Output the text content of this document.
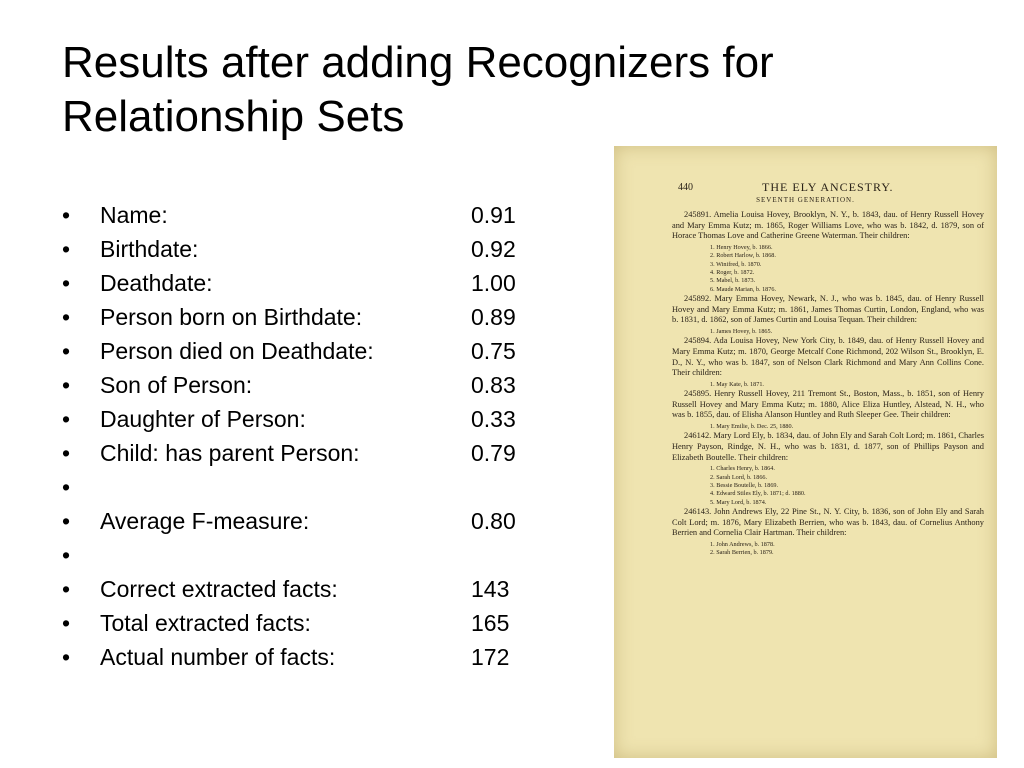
Results after adding Recognizers for Relationship Sets
•	Name:	0.91
•	Birthdate:	0.92
•	Deathdate:	1.00
•	Person born on Birthdate:	0.89
•	Person died on Deathdate:	0.75
•	Son of Person:	0.83
•	Daughter of Person:	0.33
•	Child: has parent Person:	0.79
•
•	Average F-measure:	0.80
•
•	Correct extracted facts:	143
•	Total extracted facts:	165
•	Actual number of facts:	172
440	THE ELY ANCESTRY.
SEVENTH GENERATION.
245891. Amelia Louisa Hovey, Brooklyn, N. Y., b. 1843, dau. of Henry Russell Hovey and Mary Emma Kutz; m. 1865, Roger Williams Love, who was b. 1842, d. 1879, son of Horace Thomas Love and Catherine Greene Waterman. Their children:
1. Henry Hovey, b. 1866.
2. Robert Harlow, b. 1868.
3. Winifred, b. 1870.
4. Roger, b. 1872.
5. Mabel, b. 1873.
6. Maude Marian, b. 1876.
245892. Mary Emma Hovey, Newark, N. J., who was b. 1845, dau. of Henry Russell Hovey and Mary Emma Kutz; m. 1861, James Thomas Curtin, London, England, who was b. 1831, d. 1862, son of James Curtin and Louisa Tequan. Their children:
1. James Hovey, b. 1865.
245894. Ada Louisa Hovey, New York City, b. 1849, dau. of Henry Russell Hovey and Mary Emma Kutz; m. 1870, George Metcalf Cone Richmond, 202 Wilson St., Brooklyn, E. D., N. Y., who was b. 1847, son of Nelson Clark Richmond and Mary Ann Collins Cone. Their children:
1. May Kate, b. 1871.
245895. Henry Russell Hovey, 211 Tremont St., Boston, Mass., b. 1851, son of Henry Russell Hovey and Mary Emma Kutz; m. 1880, Alice Eliza Huntley, Alstead, N. H., who was b. 1855, dau. of Elisha Alanson Huntley and Ruth Sleeper Gee. Their children:
1. Mary Emilie, b. Dec. 25, 1880.
246142. Mary Lord Ely, b. 1834, dau. of John Ely and Sarah Colt Lord; m. 1861, Charles Henry Payson, Rindge, N. H., who was b. 1831, d. 1877, son of Phillips Payson and Elizabeth Boutelle. Their children:
1. Charles Henry, b. 1864.
2. Sarah Lord, b. 1866.
3. Bessie Boutelle, b. 1869.
4. Edward Stiles Ely, b. 1871; d. 1880.
5. Mary Lord, b. 1874.
246143. John Andrews Ely, 22 Pine St., N. Y. City, b. 1836, son of John Ely and Sarah Colt Lord; m. 1876, Mary Elizabeth Berrien, who was b. 1843, dau. of Cornelius Anthony Berrien and Cornelia Clair Hartman. Their children:
1. John Andrews, b. 1878.
2. Sarah Berrien, b. 1879.
